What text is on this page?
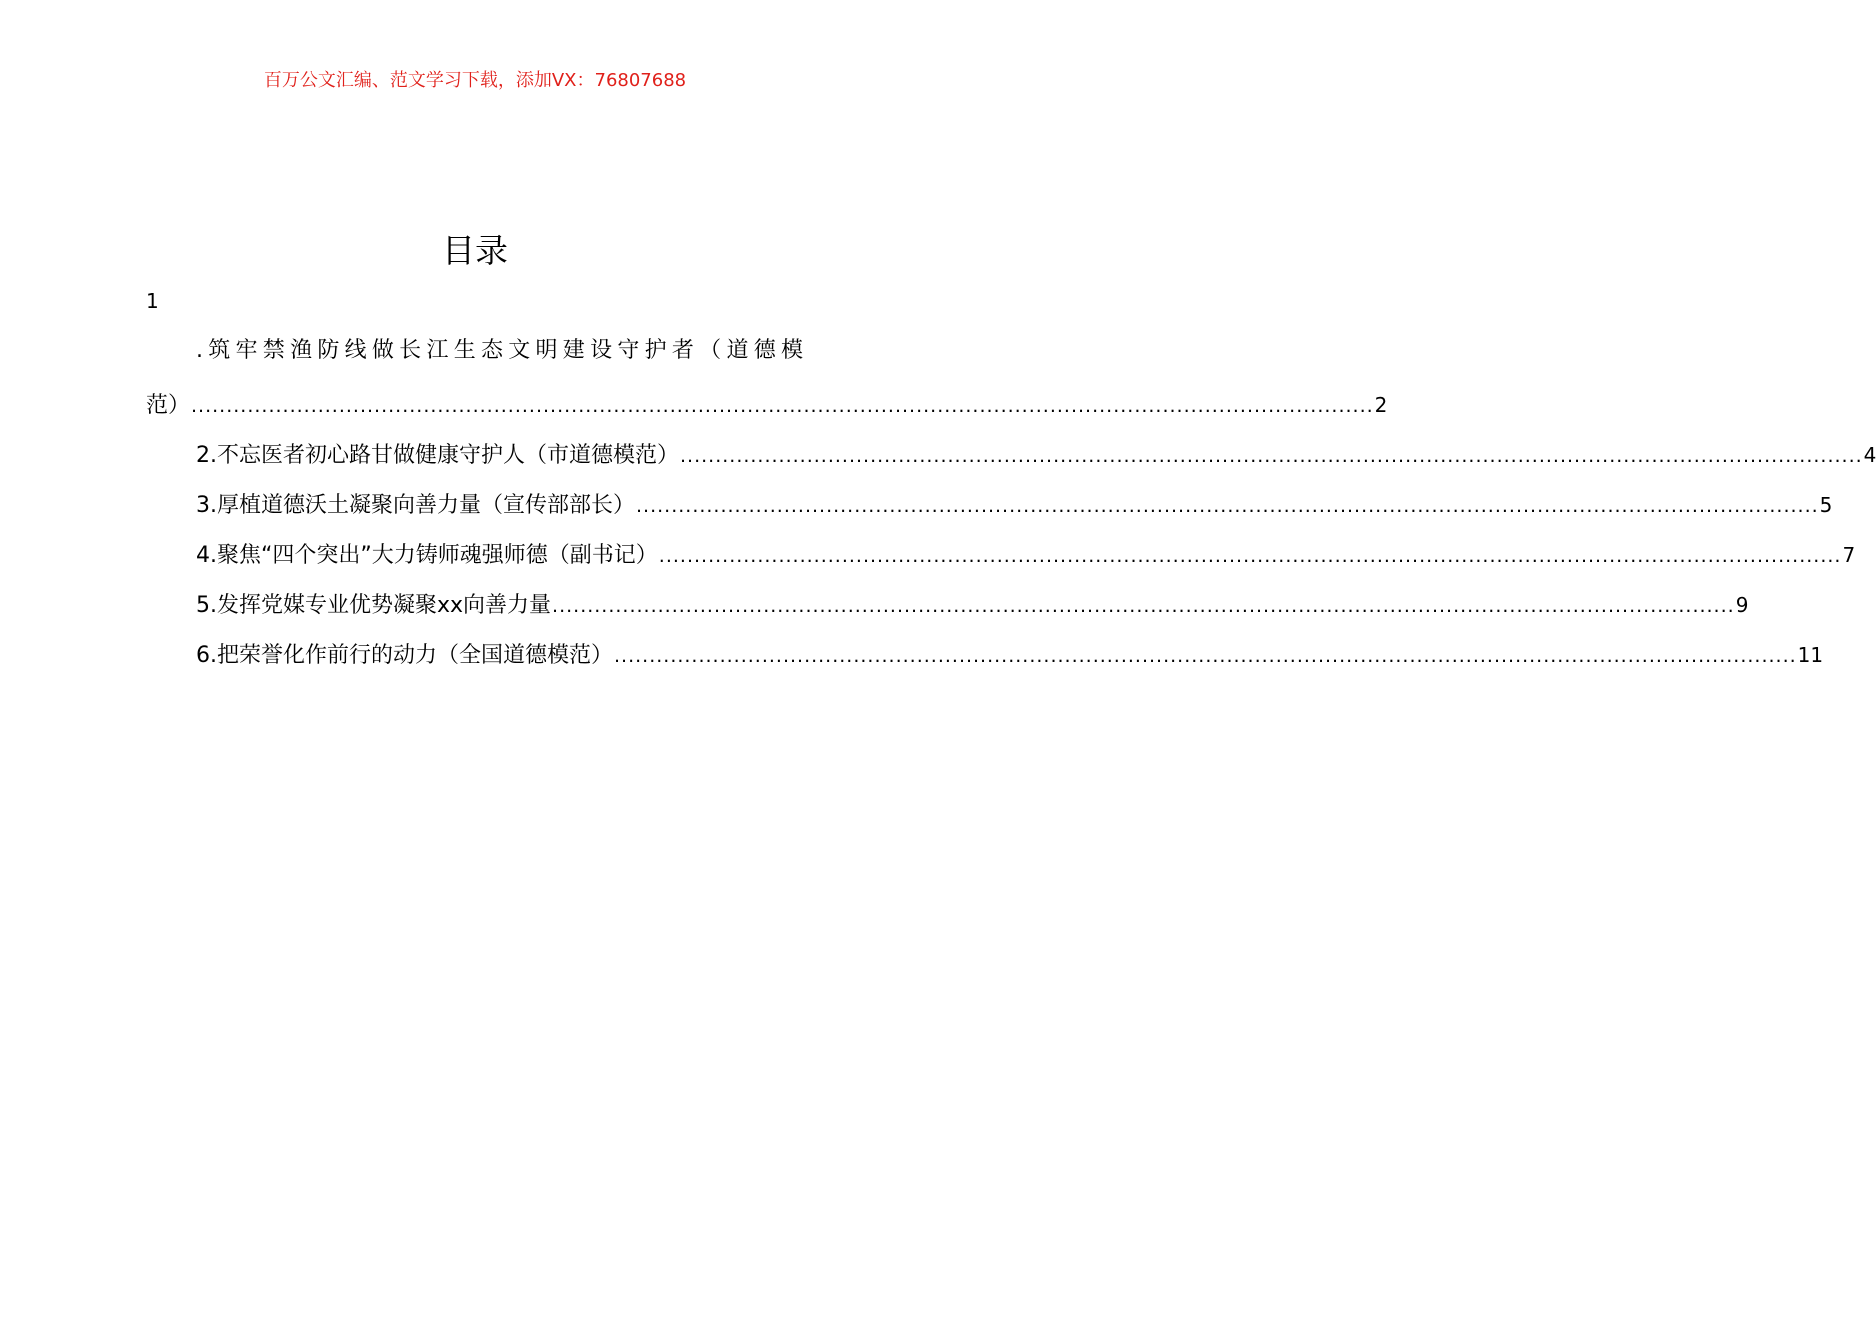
百万公文汇编、范文学习下载，添加VX：76807688
目录
1
.筑牢禁渔防线做长江生态文明建设守护者（道德模
范） ........................................................................................................................................................................ 2
2.不忘医者初心路甘做健康守护人（市道德模范） ........................................................................................................................................................................ 4
3.厚植道德沃土凝聚向善力量（宣传部部长） ........................................................................................................................................................................ 5
4.聚焦“四个突出”大力铸师魂强师德（副书记） ........................................................................................................................................................................ 7
5.发挥党媒专业优势凝聚xx向善力量 ........................................................................................................................................................................ 9
6.把荣誉化作前行的动力（全国道德模范） ........................................................................................................................................................................ 11
